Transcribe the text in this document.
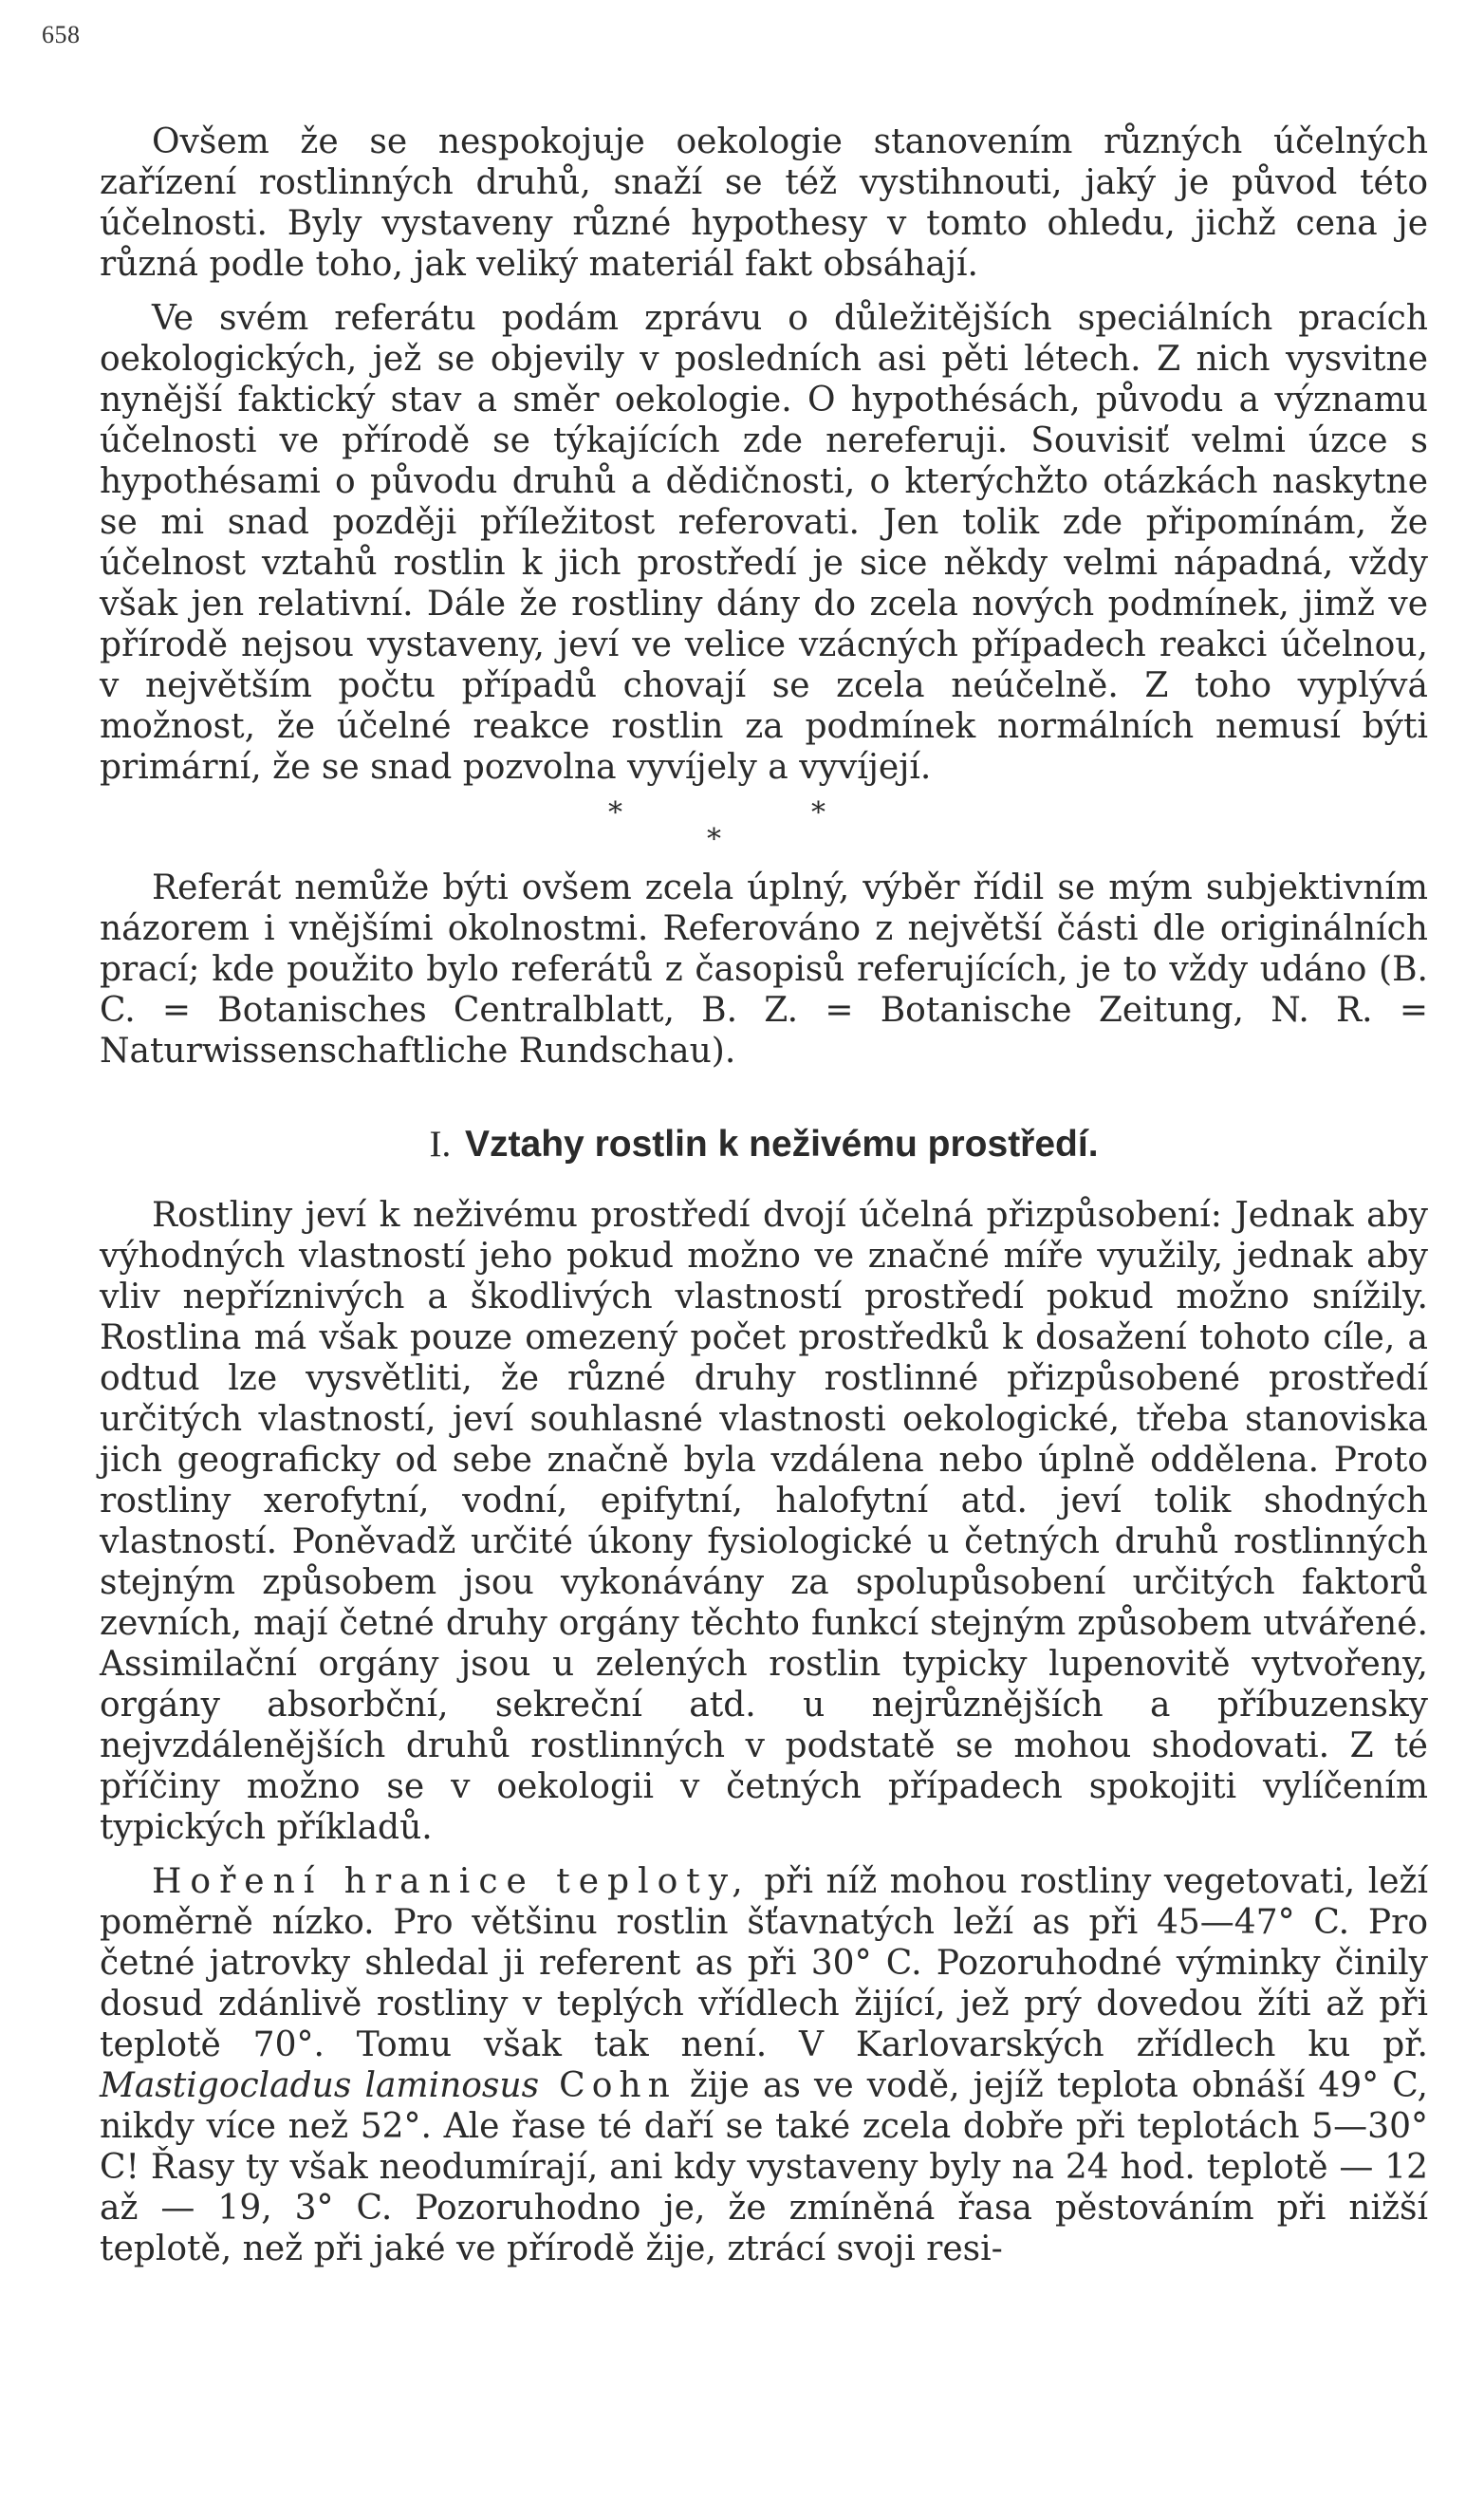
658

Ovšem že se nespokojuje oekologie stanovením různých účelných zařízení rostlinných druhů, snaží se též vystihnouti, jaký je původ této účelnosti. Byly vystaveny různé hypothesy v tomto ohledu, jichž cena je různá podle toho, jak veliký materiál fakt obsáhají.

Ve svém referátu podám zprávu o důležitějších speciálních pracích oekologických, jež se objevily v posledních asi pěti létech. Z nich vysvitne nynější faktický stav a směr oekologie. O hypothésách, původu a významu účelnosti ve přírodě se týkajících zde nereferuji. Souvisiť velmi úzce s hypothésami o původu druhů a dědičnosti, o kterýchžto otázkách naskytne se mi snad později příležitost referovati. Jen tolik zde připomínám, že účelnost vztahů rostlin k jich prostředí je sice někdy velmi nápadná, vždy však jen relativní. Dále že rostliny dány do zcela nových podmínek, jimž ve přírodě nejsou vystaveny, jeví ve velice vzácných případech reakci účelnou, v největším počtu případů chovají se zcela neúčelně. Z toho vyplývá možnost, že účelné reakce rostlin za podmínek normálních nemusí býti primární, že se snad pozvolna vyvíjely a vyvíjejí.

*	*
*

Referát nemůže býti ovšem zcela úplný, výběr řídil se mým subjektivním názorem i vnějšími okolnostmi. Referováno z největší části dle originálních prací; kde použito bylo referátů z časopisů referujících, je to vždy udáno (B. C. = Botanisches Centralblatt, B. Z. = Botanische Zeitung, N. R. = Naturwissenschaftliche Rundschau).

I. Vztahy rostlin k neživému prostředí.

Rostliny jeví k neživému prostředí dvojí účelná přizpůsobení: Jednak aby výhodných vlastností jeho pokud možno ve značné míře využily, jednak aby vliv nepříznivých a škodlivých vlastností prostředí pokud možno snížily. Rostlina má však pouze omezený počet prostředků k dosažení tohoto cíle, a odtud lze vysvětliti, že různé druhy rostlinné přizpůsobené prostředí určitých vlastností, jeví souhlasné vlastnosti oekologické, třeba stanoviska jich geograficky od sebe značně byla vzdálena nebo úplně oddělena. Proto rostliny xerofytní, vodní, epifytní, halofytní atd. jeví tolik shodných vlastností. Poněvadž určité úkony fysiologické u četných druhů rostlinných stejným způsobem jsou vykonávány za spolupůsobení určitých faktorů zevních, mají četné druhy orgány těchto funkcí stejným způsobem utvářené. Assimilační orgány jsou u zelených rostlin typicky lupenovitě vytvořeny, orgány absorbční, sekreční atd. u nejrůznějších a příbuzensky nejvzdálenějších druhů rostlinných v podstatě se mohou shodovati. Z té příčiny možno se v oekologii v četných případech spokojiti vylíčením typických příkladů.

Hoření hranice teploty, při níž mohou rostliny vegetovati, leží poměrně nízko. Pro většinu rostlin šťavnatých leží as při 45—47° C. Pro četné jatrovky shledal ji referent as při 30° C. Pozoruhodné výminky činily dosud zdánlivě rostliny v teplých vřídlech žijící, jež prý dovedou žíti až při teplotě 70°. Tomu však tak není. V Karlovarských zřídlech ku př. Mastigocladus laminosus Cohn žije as ve vodě, jejíž teplota obnáší 49° C, nikdy více než 52°. Ale řase té daří se také zcela dobře při teplotách 5—30° C! Řasy ty však neodumírají, ani kdy vystaveny byly na 24 hod. teplotě — 12 až — 19, 3° C. Pozoruhodno je, že zmíněná řasa pěstováním při nižší teplotě, než při jaké ve přírodě žije, ztrácí svoji resi-
